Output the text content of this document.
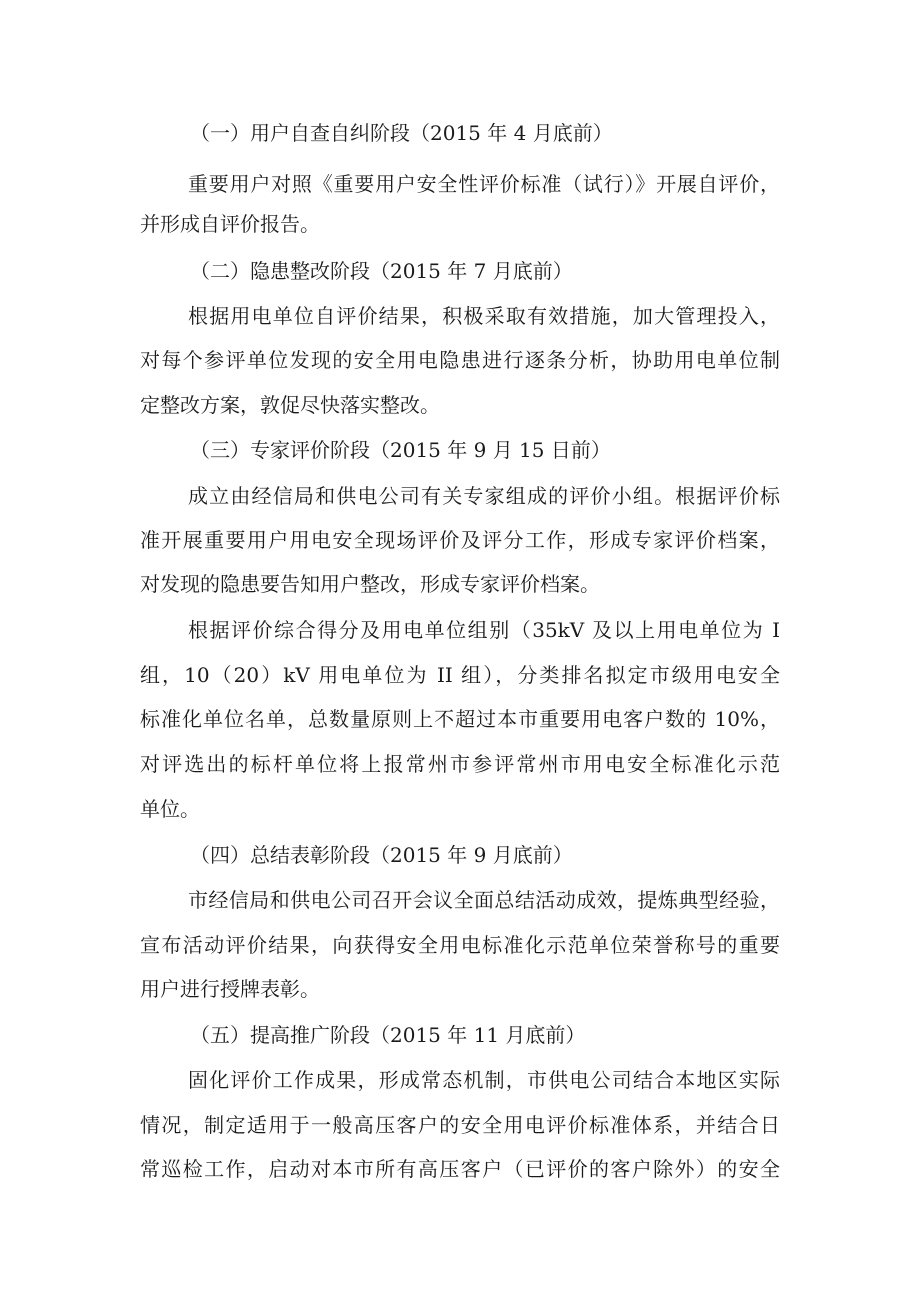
（一）用户自查自纠阶段（2015 年 4 月底前）
重要用户对照《重要用户安全性评价标准（试行）》开展自评价，
并形成自评价报告。
（二）隐患整改阶段（2015 年 7 月底前）
根据用电单位自评价结果，积极采取有效措施，加大管理投入，
对每个参评单位发现的安全用电隐患进行逐条分析，协助用电单位制
定整改方案，敦促尽快落实整改。
（三）专家评价阶段（2015 年 9 月 15 日前）
成立由经信局和供电公司有关专家组成的评价小组。根据评价标
准开展重要用户用电安全现场评价及评分工作，形成专家评价档案，
对发现的隐患要告知用户整改，形成专家评价档案。
根据评价综合得分及用电单位组别（35kV 及以上用电单位为 I
组，10（20）kV 用电单位为 II 组），分类排名拟定市级用电安全
标准化单位名单，总数量原则上不超过本市重要用电客户数的 10%，
对评选出的标杆单位将上报常州市参评常州市用电安全标准化示范
单位。
（四）总结表彰阶段（2015 年 9 月底前）
市经信局和供电公司召开会议全面总结活动成效，提炼典型经验，
宣布活动评价结果，向获得安全用电标准化示范单位荣誉称号的重要
用户进行授牌表彰。
（五）提高推广阶段（2015 年 11 月底前）
固化评价工作成果，形成常态机制，市供电公司结合本地区实际
情况，制定适用于一般高压客户的安全用电评价标准体系，并结合日
常巡检工作，启动对本市所有高压客户（已评价的客户除外）的安全
